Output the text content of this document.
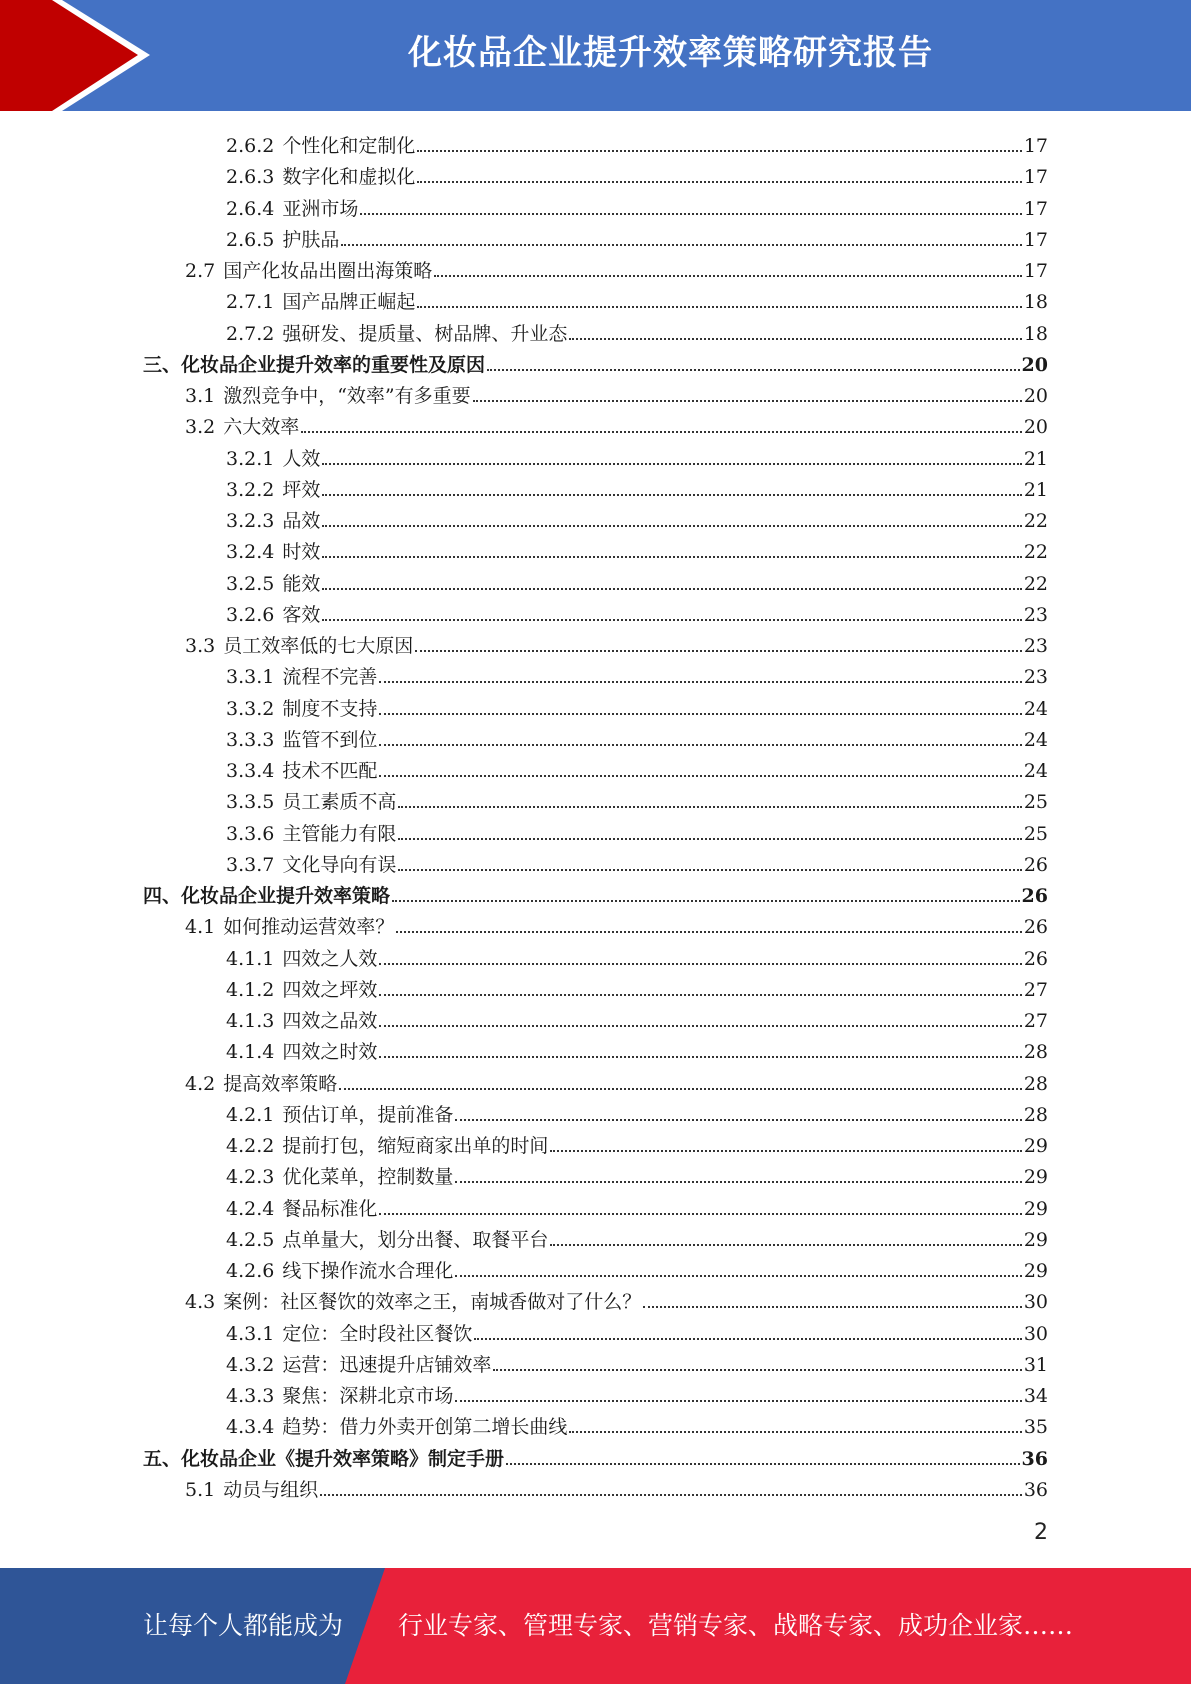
化妆品企业提升效率策略研究报告
2.6.2 个性化和定制化	17
2.6.3 数字化和虚拟化	17
2.6.4 亚洲市场	17
2.6.5 护肤品	17
2.7 国产化妆品出圈出海策略	17
2.7.1 国产品牌正崛起	18
2.7.2 强研发、提质量、树品牌、升业态	18
三、 化妆品企业提升效率的重要性及原因	20
3.1 激烈竞争中，“效率”有多重要	20
3.2 六大效率	20
3.2.1 人效	21
3.2.2 坪效	21
3.2.3 品效	22
3.2.4 时效	22
3.2.5 能效	22
3.2.6 客效	23
3.3 员工效率低的七大原因	23
3.3.1 流程不完善	23
3.3.2 制度不支持	24
3.3.3 监管不到位	24
3.3.4 技术不匹配	24
3.3.5 员工素质不高	25
3.3.6 主管能力有限	25
3.3.7 文化导向有误	26
四、 化妆品企业提升效率策略	26
4.1 如何推动运营效率？	26
4.1.1 四效之人效	26
4.1.2 四效之坪效	27
4.1.3 四效之品效	27
4.1.4 四效之时效	28
4.2 提高效率策略	28
4.2.1 预估订单，提前准备	28
4.2.2 提前打包，缩短商家出单的时间	29
4.2.3 优化菜单，控制数量	29
4.2.4 餐品标准化	29
4.2.5 点单量大，划分出餐、取餐平台	29
4.2.6 线下操作流水合理化	29
4.3 案例：社区餐饮的效率之王，南城香做对了什么？	30
4.3.1 定位：全时段社区餐饮	30
4.3.2 运营：迅速提升店铺效率	31
4.3.3 聚焦：深耕北京市场	34
4.3.4 趋势：借力外卖开创第二增长曲线	35
五、 化妆品企业《提升效率策略》制定手册	36
5.1 动员与组织	36
2
让每个人都能成为 行业专家、管理专家、营销专家、战略专家、成功企业家……
